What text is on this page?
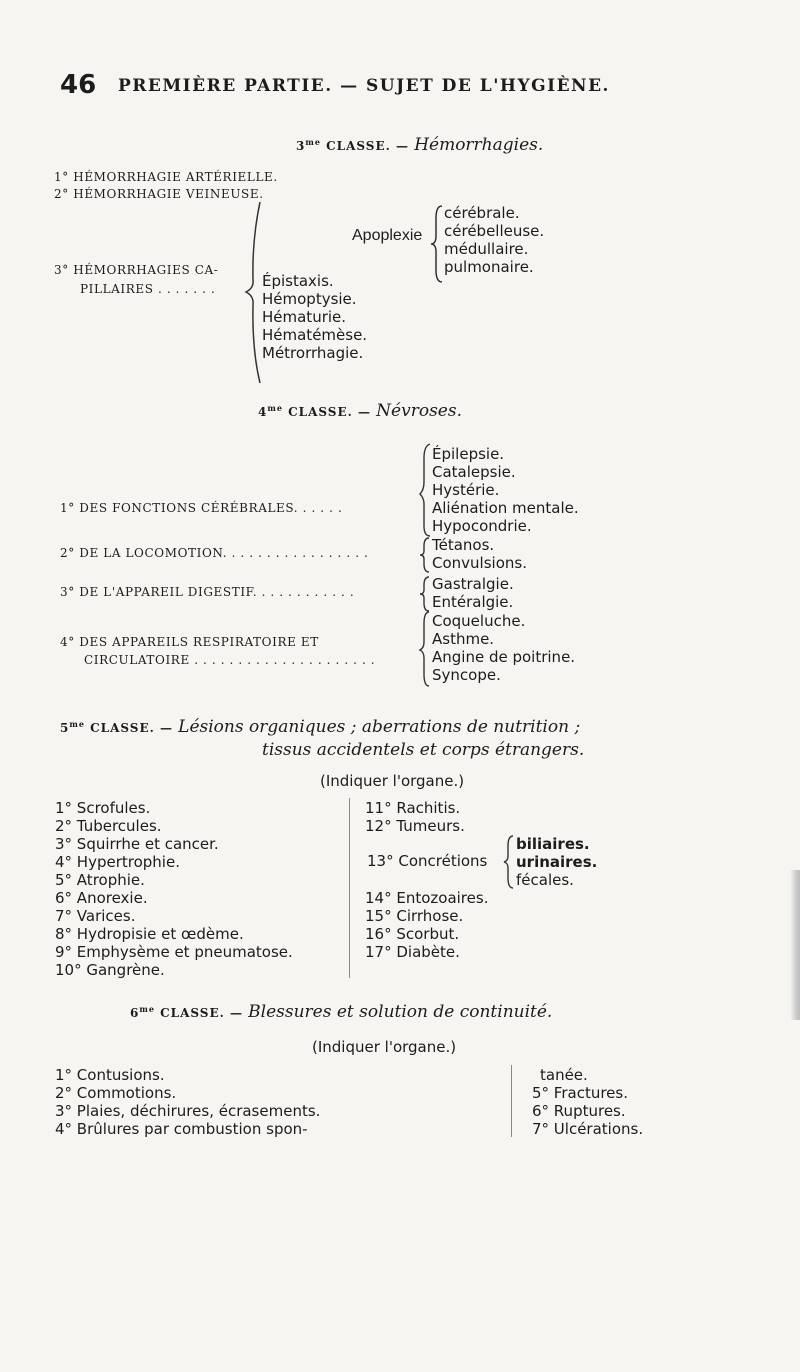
46 PREMIÈRE PARTIE. — SUJET DE L'HYGIÈNE.
$3^{me}$ CLASSE. — Hémorrhagies.
1° HÉMORRHAGIE ARTÉRIELLE.
2° HÉMORRHAGIE VEINEUSE.
3° HÉMORRHAGIES CA-
PILLAIRES . . . . . . .
Apoplexie
cérébrale.
cérébelleuse.
médullaire.
pulmonaire.
Épistaxis.
Hémoptysie.
Hématurie.
Hématémèse.
Métrorrhagie.
$4^{me}$ CLASSE. — Névroses.
1° DES FONCTIONS CÉRÉBRALES. . . . . .
Épilepsie.
Catalepsie.
Hystérie.
Aliénation mentale.
Hypocondrie.
2° DE LA LOCOMOTION. . . . . . . . . . . . . . . . .	Tétanos.
Convulsions.
3° DE L'APPAREIL DIGESTIF. . . . . . . . . . . .	Gastralgie.
Entéralgie.
4° DES APPAREILS RESPIRATOIRE ET
CIRCULATOIRE . . . . . . . . . . . . . . . . . . . . .
Coqueluche.
Asthme.
Angine de poitrine.
Syncope.
$5^{me}$ CLASSE. — Lésions organiques ; aberrations de nutrition ;
tissus accidentels et corps étrangers.
(Indiquer l'organe.)
1° Scrofules.
2° Tubercules.
3° Squirrhe et cancer.
4° Hypertrophie.
5° Atrophie.
6° Anorexie.
7° Varices.
8° Hydropisie et œdème.
9° Emphysème et pneumatose.
10° Gangrène.
11° Rachitis.
12° Tumeurs.
13° Concrétions
biliaires.
urinaires.
fécales.
14° Entozoaires.
15° Cirrhose.
16° Scorbut.
17° Diabète.
$6^{me}$ CLASSE. — Blessures et solution de continuité.
(Indiquer l'organe.)
1° Contusions.
2° Commotions.
3° Plaies, déchirures, écrasements.
4° Brûlures par combustion spon-
tanée.
5° Fractures.
6° Ruptures.
7° Ulcérations.
